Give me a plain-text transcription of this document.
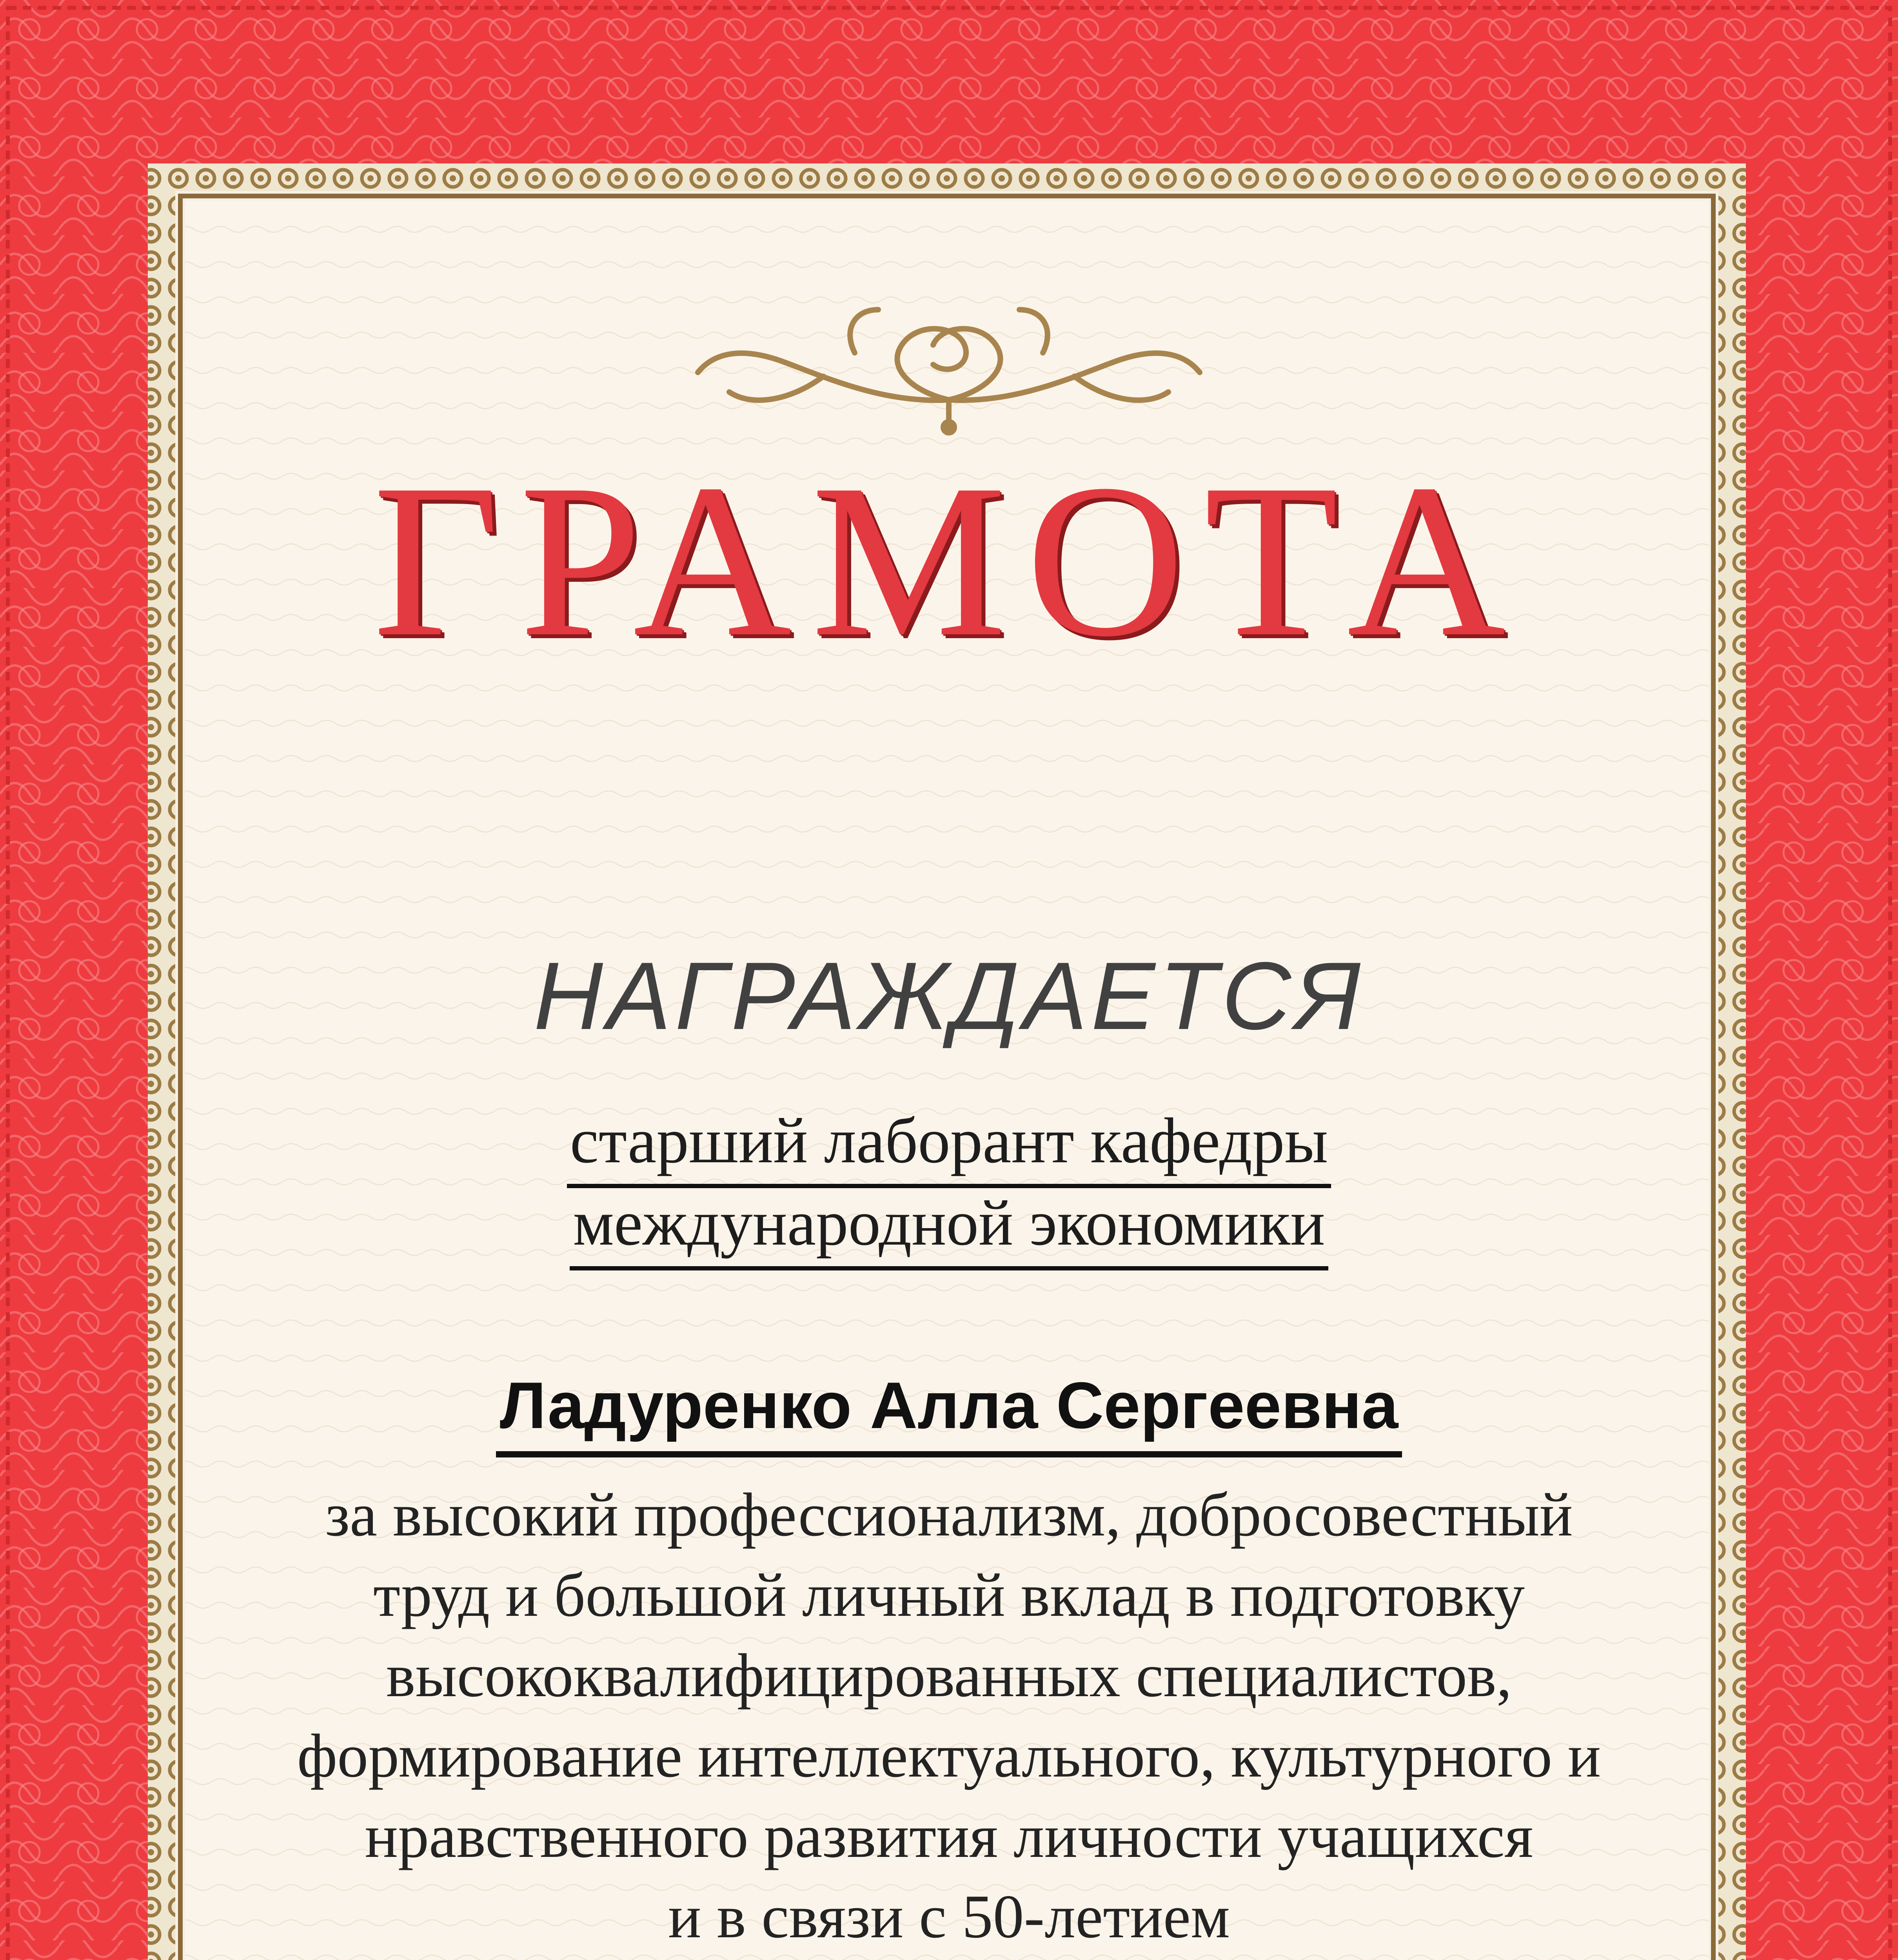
ГРАМОТА
НАГРАЖДАЕТСЯ
старший лаборант кафедры
международной экономики
Ладуренко Алла Сергеевна
за высокий профессионализм, добросовестный
труд и большой личный вклад в подготовку
высококвалифицированных специалистов,
формирование интеллектуального, культурного и
нравственного развития личности учащихся
и в связи с 50-летием
